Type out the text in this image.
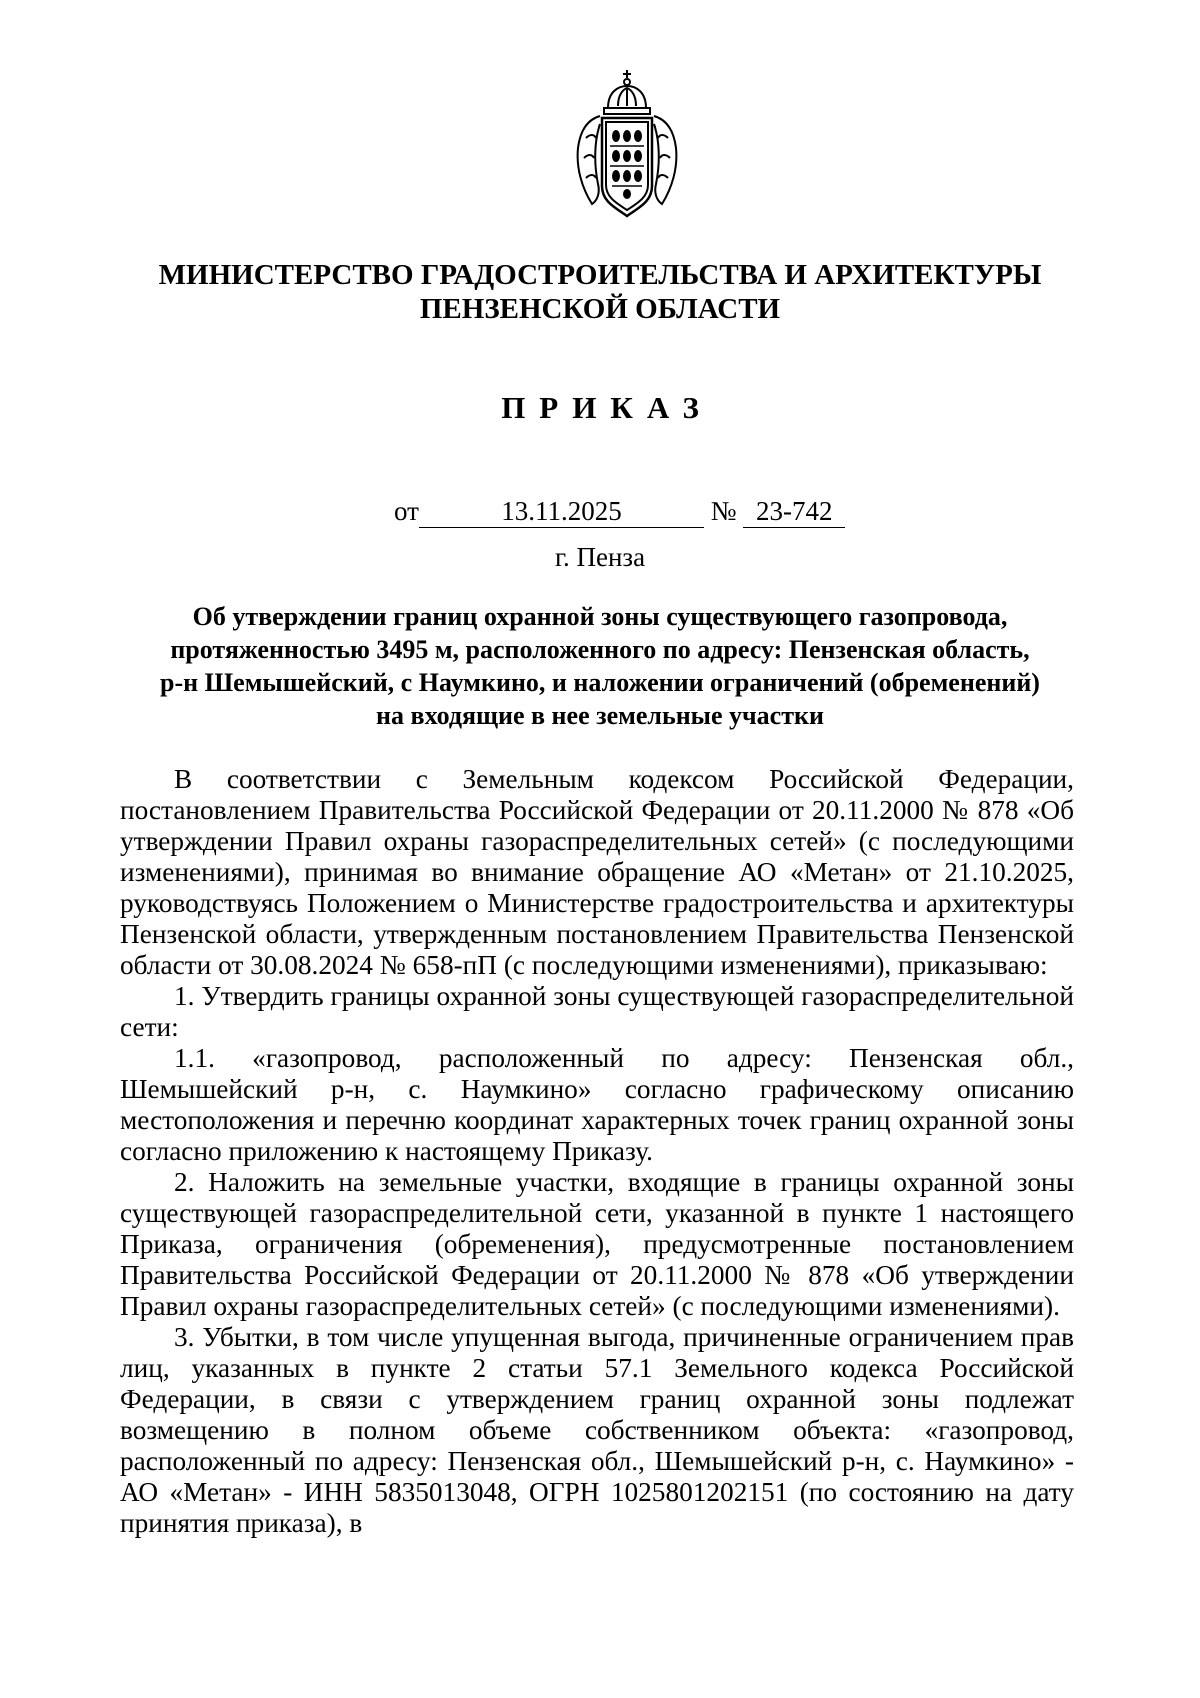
МИНИСТЕРСТВО ГРАДОСТРОИТЕЛЬСТВА И АРХИТЕКТУРЫ
ПЕНЗЕНСКОЙ ОБЛАСТИ
ПРИКАЗ
от	13.11.2025	№ 23-742
г. Пенза
Об утверждении границ охранной зоны существующего газопровода,
протяженностью 3495 м, расположенного по адресу: Пензенская область,
р-н Шемышейский, с Наумкино, и наложении ограничений (обременений)
на входящие в нее земельные участки

В соответствии с Земельным кодексом Российской Федерации, постановлением Правительства Российской Федерации от 20.11.2000 № 878 «Об утверждении Правил охраны газораспределительных сетей» (с последующими изменениями), принимая во внимание обращение АО «Метан» от 21.10.2025, руководствуясь Положением о Министерстве градостроительства и архитектуры Пензенской области, утвержденным постановлением Правительства Пензенской области от 30.08.2024 № 658-пП (с последующими изменениями), приказываю:

1. Утвердить границы охранной зоны существующей газораспределительной сети:

1.1. «газопровод, расположенный по адресу: Пензенская обл., Шемышейский р-н, с. Наумкино» согласно графическому описанию местоположения и перечню координат характерных точек границ охранной зоны согласно приложению к настоящему Приказу.

2. Наложить на земельные участки, входящие в границы охранной зоны существующей газораспределительной сети, указанной в пункте 1 настоящего Приказа, ограничения (обременения), предусмотренные постановлением Правительства Российской Федерации от 20.11.2000 № 878 «Об утверждении Правил охраны газораспределительных сетей» (с последующими изменениями).

3. Убытки, в том числе упущенная выгода, причиненные ограничением прав лиц, указанных в пункте 2 статьи 57.1 Земельного кодекса Российской Федерации, в связи с утверждением границ охранной зоны подлежат возмещению в полном объеме собственником объекта: «газопровод, расположенный по адресу: Пензенская обл., Шемышейский р-н, с. Наумкино» - АО «Метан» - ИНН 5835013048, ОГРН 1025801202151 (по состоянию на дату принятия приказа), в
